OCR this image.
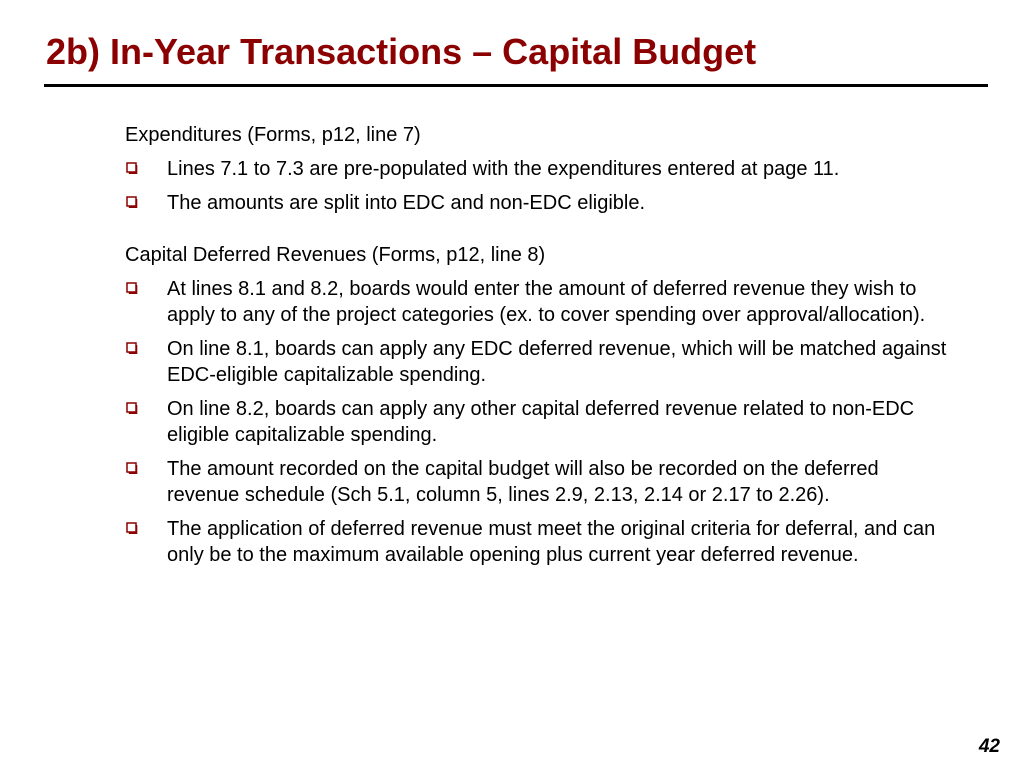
2b) In-Year Transactions – Capital Budget

Expenditures (Forms, p12, line 7)

Lines 7.1 to 7.3 are pre-populated with the expenditures entered at page 11.
The amounts are split into EDC and non-EDC eligible.

Capital Deferred Revenues (Forms, p12, line 8)

At lines 8.1 and 8.2, boards would enter the amount of deferred revenue they wish to apply to any of the project categories (ex. to cover spending over approval/allocation).
On line 8.1, boards can apply any EDC deferred revenue, which will be matched against EDC-eligible capitalizable spending.
On line 8.2, boards can apply any other capital deferred revenue related to non-EDC eligible capitalizable spending.
The amount recorded on the capital budget will also be recorded on the deferred revenue schedule (Sch 5.1, column 5, lines 2.9, 2.13, 2.14 or 2.17 to 2.26).
The application of deferred revenue must meet the original criteria for deferral, and can only be to the maximum available opening plus current year deferred revenue.
42
